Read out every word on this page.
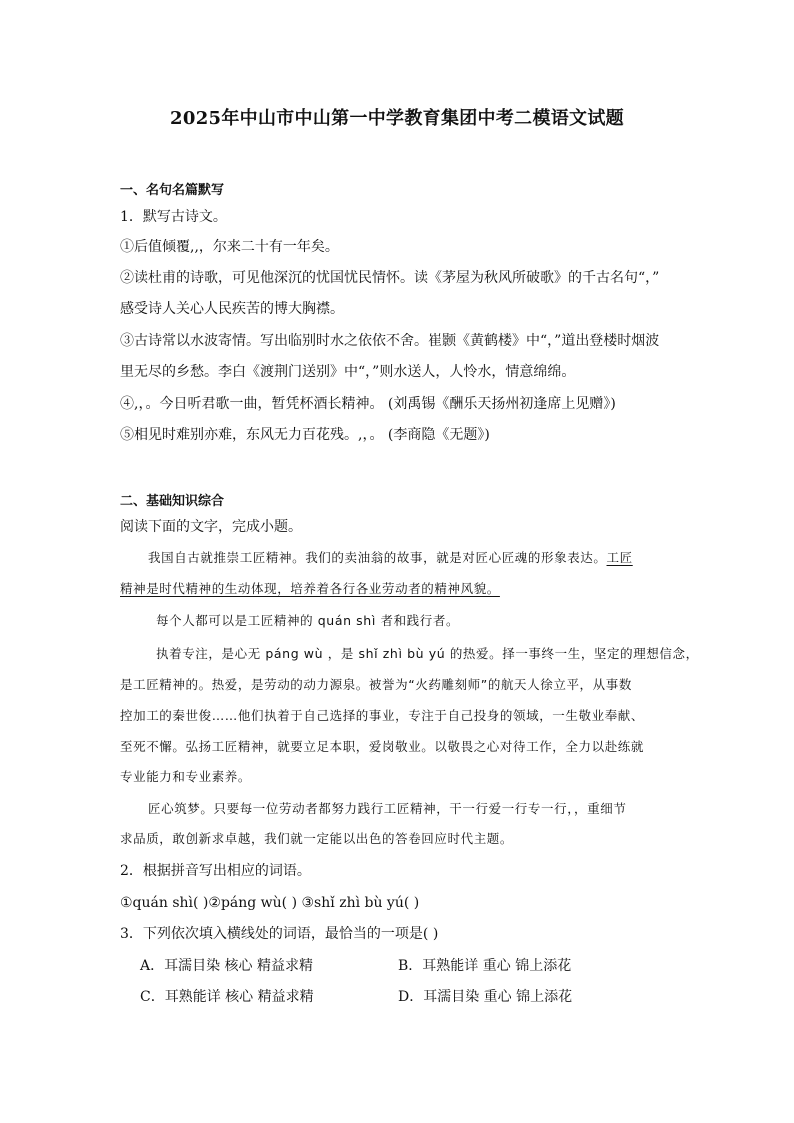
2025年中山市中山第一中学教育集团中考二模语文试题
一、名句名篇默写
1．默写古诗文。
①后值倾覆,,，尔来二十有一年矣。
②读杜甫的诗歌，可见他深沉的忧国忧民情怀。读《茅屋为秋风所破歌》的千古名句“，”
感受诗人关心人民疾苦的博大胸襟。
③古诗常以水波寄情。写出临别时水之依依不舍。崔颢《黄鹤楼》中“，”道出登楼时烟波
里无尽的乡愁。李白《渡荆门送别》中“，”则水送人，人怜水，情意绵绵。
④,，。今日听君歌一曲，暂凭杯酒长精神。 (刘禹锡《酬乐天扬州初逢席上见赠》)
⑤相见时难别亦难，东风无力百花残。,，。 (李商隐《无题》)
二、基础知识综合
阅读下面的文字，完成小题。
我国自古就推崇工匠精神。我们的卖油翁的故事，就是对匠心匠魂的形象表达。工匠
精神是时代精神的生动体现，培养着各行各业劳动者的精神风貌。
每个人都可以是工匠精神的 quán shì 者和践行者。
执着专注，是心无 páng wù ，是 shǐ zhì bù yú 的热爱。择一事终一生，坚定的理想信念，
是工匠精神的。热爱，是劳动的动力源泉。被誉为“火药雕刻师”的航天人徐立平，从事数
控加工的秦世俊……他们执着于自己选择的事业，专注于自己投身的领域，一生敬业奉献、
至死不懈。弘扬工匠精神，就要立足本职，爱岗敬业。以敬畏之心对待工作，全力以赴练就
专业能力和专业素养。
匠心筑梦。只要每一位劳动者都努力践行工匠精神，干一行爱一行专一行，，重细节
求品质，敢创新求卓越，我们就一定能以出色的答卷回应时代主题。
2．根据拼音写出相应的词语。
①quán shì( )②páng wù( ) ③shǐ zhì bù yú( )
3．下列依次填入横线处的词语，最恰当的一项是( )
A．耳濡目染 核心 精益求精	B．耳熟能详 重心 锦上添花
C．耳熟能详 核心 精益求精	D．耳濡目染 重心 锦上添花
